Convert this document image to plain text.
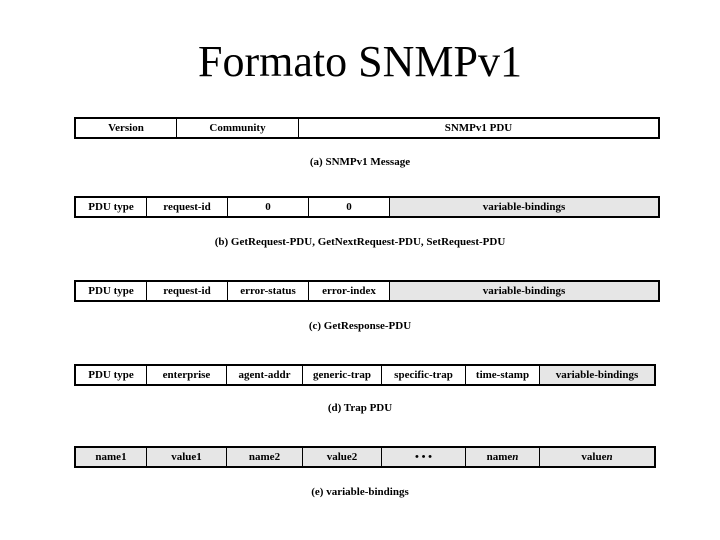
Formato SNMPv1
Version	Community	SNMPv1 PDU
(a) SNMPv1 Message
PDU type	request-id	0	0	variable-bindings
(b) GetRequest-PDU, GetNextRequest-PDU, SetRequest-PDU
PDU type	request-id	error-status	error-index	variable-bindings
(c) GetResponse-PDU
PDU type	enterprise	agent-addr	generic-trap	specific-trap	time-stamp	variable-bindings
(d) Trap PDU
name1	value1	name2	value2	• • •	name n	value n
(e) variable-bindings
